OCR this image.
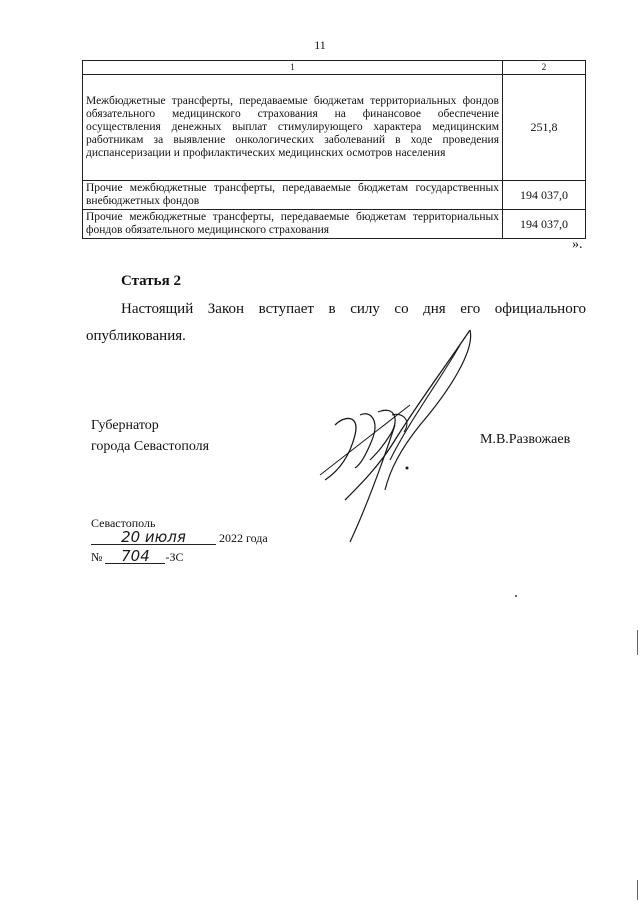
11
1	2
Межбюджетные трансферты, передаваемые бюджетам территориальных фондов обязательного медицинского страхования на финансовое обеспечение осуществления денежных выплат стимулирующего характера медицинским работникам за выявление онкологических заболеваний в ходе проведения диспансеризации и профилактических медицинских осмотров населения	251,8
Прочие межбюджетные трансферты, передаваемые бюджетам государственных внебюджетных фондов	194 037,0
Прочие межбюджетные трансферты, передаваемые бюджетам территориальных фондов обязательного медицинского страхования	194 037,0
».
Статья 2

Настоящий Закон вступает в силу со дня его официального опубликования.

Губернатор
города Севастополя	М.В.Развожаев
Севастополь
20 июля	2022 года
№ 704 -ЗС
